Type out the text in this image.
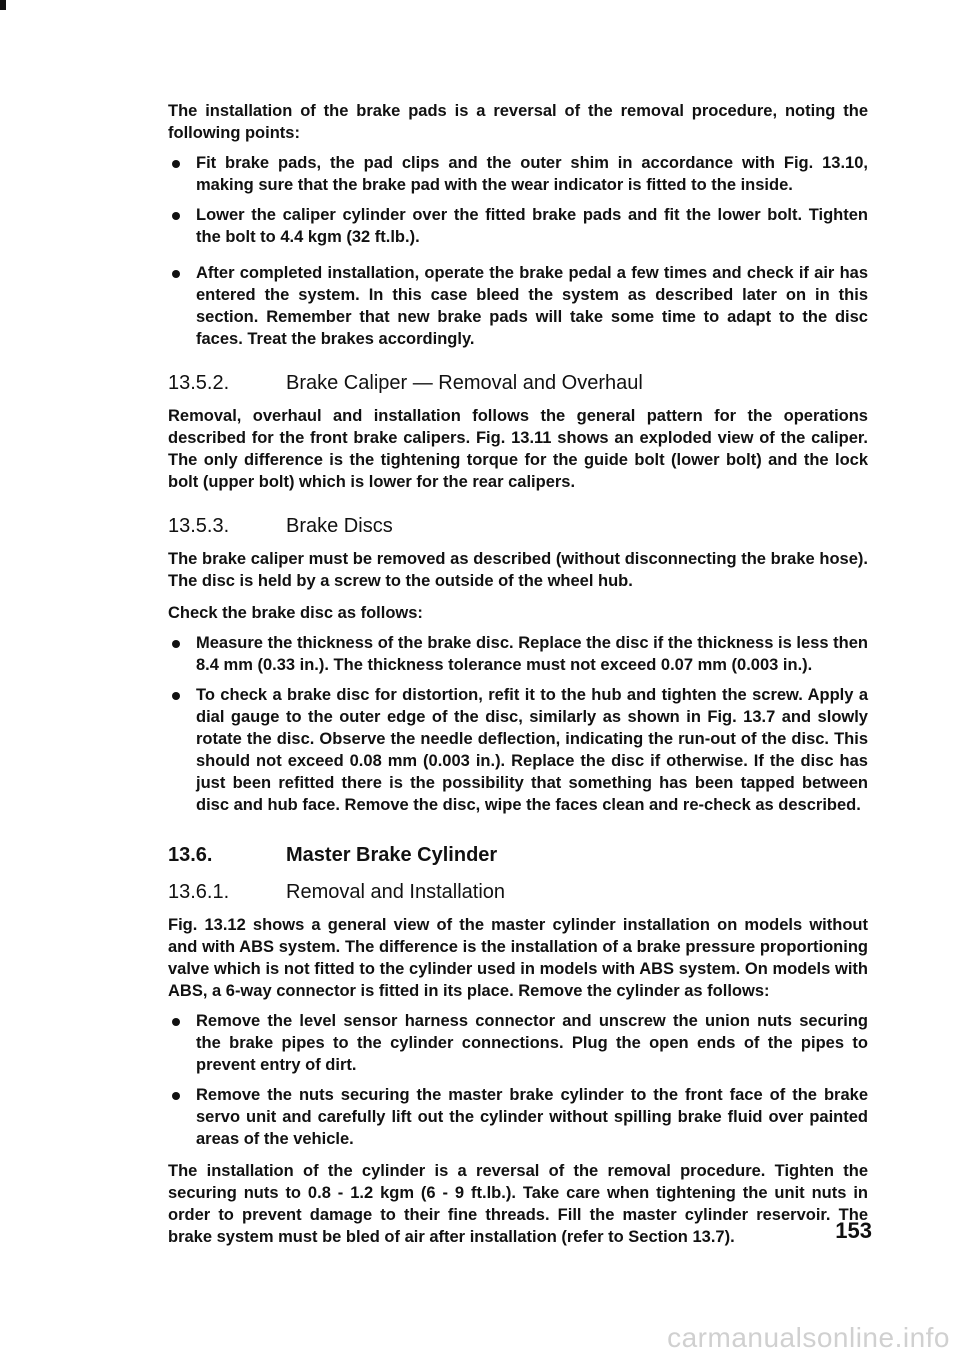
The installation of the brake pads is a reversal of the removal procedure, noting the following points:

Fit brake pads, the pad clips and the outer shim in accordance with Fig. 13.10, making sure that the brake pad with the wear indicator is fitted to the inside.
Lower the caliper cylinder over the fitted brake pads and fit the lower bolt. Tighten the bolt to 4.4 kgm (32 ft.lb.).
After completed installation, operate the brake pedal a few times and check if air has entered the system. In this case bleed the system as described later on in this section. Remember that new brake pads will take some time to adapt to the disc faces. Treat the brakes accordingly.
13.5.2.	Brake Caliper — Removal and Overhaul

Removal, overhaul and installation follows the general pattern for the operations described for the front brake calipers. Fig. 13.11 shows an exploded view of the caliper. The only difference is the tightening torque for the guide bolt (lower bolt) and the lock bolt (upper bolt) which is lower for the rear calipers.

13.5.3.	Brake Discs

The brake caliper must be removed as described (without disconnecting the brake hose). The disc is held by a screw to the outside of the wheel hub.

Check the brake disc as follows:

Measure the thickness of the brake disc. Replace the disc if the thickness is less then 8.4 mm (0.33 in.). The thickness tolerance must not exceed 0.07 mm (0.003 in.).
To check a brake disc for distortion, refit it to the hub and tighten the screw. Apply a dial gauge to the outer edge of the disc, similarly as shown in Fig. 13.7 and slowly rotate the disc. Observe the needle deflection, indicating the run-out of the disc. This should not exceed 0.08 mm (0.003 in.). Replace the disc if otherwise. If the disc has just been refitted there is the possibility that something has been tapped between disc and hub face. Remove the disc, wipe the faces clean and re-check as described.
13.6.	Master Brake Cylinder
13.6.1.	Removal and Installation

Fig. 13.12 shows a general view of the master cylinder installation on models without and with ABS system. The difference is the installation of a brake pressure proportioning valve which is not fitted to the cylinder used in models with ABS system. On models with ABS, a 6-way connector is fitted in its place. Remove the cylinder as follows:

Remove the level sensor harness connector and unscrew the union nuts securing the brake pipes to the cylinder connections. Plug the open ends of the pipes to prevent entry of dirt.
Remove the nuts securing the master brake cylinder to the front face of the brake servo unit and carefully lift out the cylinder without spilling brake fluid over painted areas of the vehicle.

The installation of the cylinder is a reversal of the removal procedure. Tighten the securing nuts to 0.8 - 1.2 kgm (6 - 9 ft.lb.). Take care when tightening the unit nuts in order to prevent damage to their fine threads. Fill the master cylinder reservoir. The brake system must be bled of air after installation (refer to Section 13.7).	153
carmanualsonline.info
